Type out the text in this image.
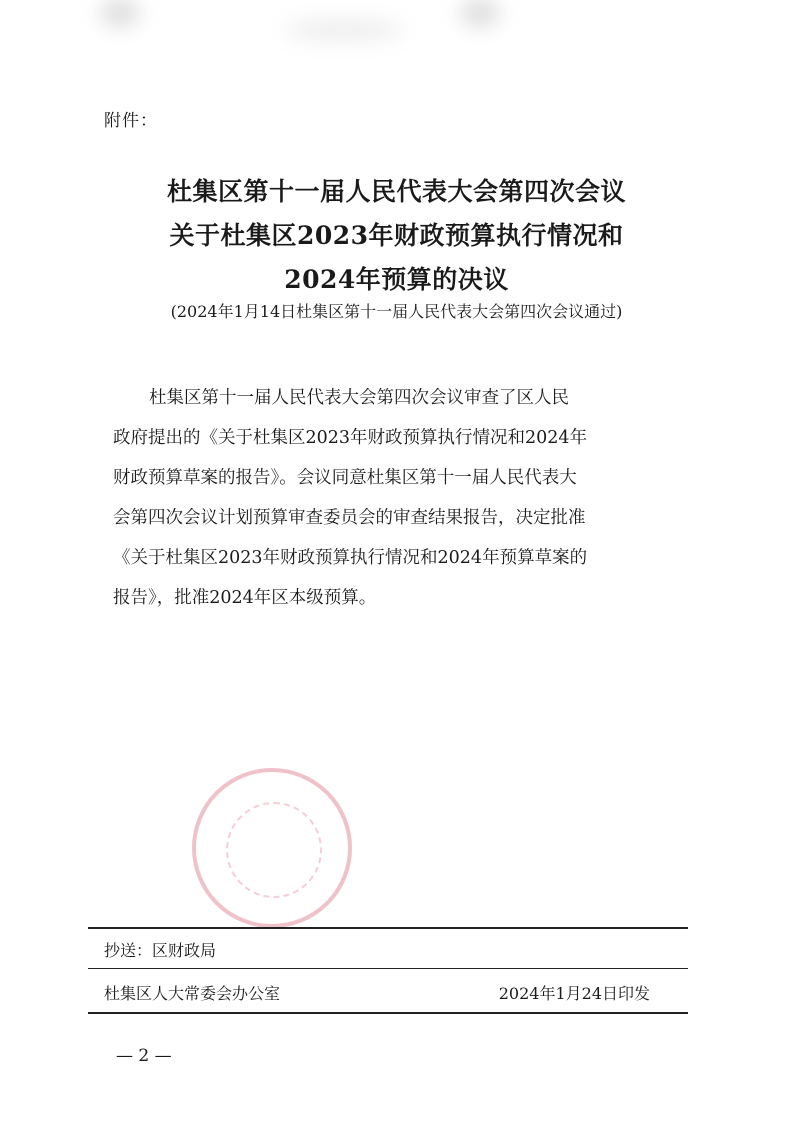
附件：
杜集区第十一届人民代表大会第四次会议
关于杜集区2023年财政预算执行情况和
2024年预算的决议
(2024年1月14日杜集区第十一届人民代表大会第四次会议通过)
杜集区第十一届人民代表大会第四次会议审查了区人民
政府提出的《关于杜集区2023年财政预算执行情况和2024年
财政预算草案的报告》。会议同意杜集区第十一届人民代表大
会第四次会议计划预算审查委员会的审查结果报告，决定批准
《关于杜集区2023年财政预算执行情况和2024年预算草案的
报告》，批准2024年区本级预算。
抄送：区财政局
杜集区人大常委会办公室	2024年1月24日印发
— 2 —
